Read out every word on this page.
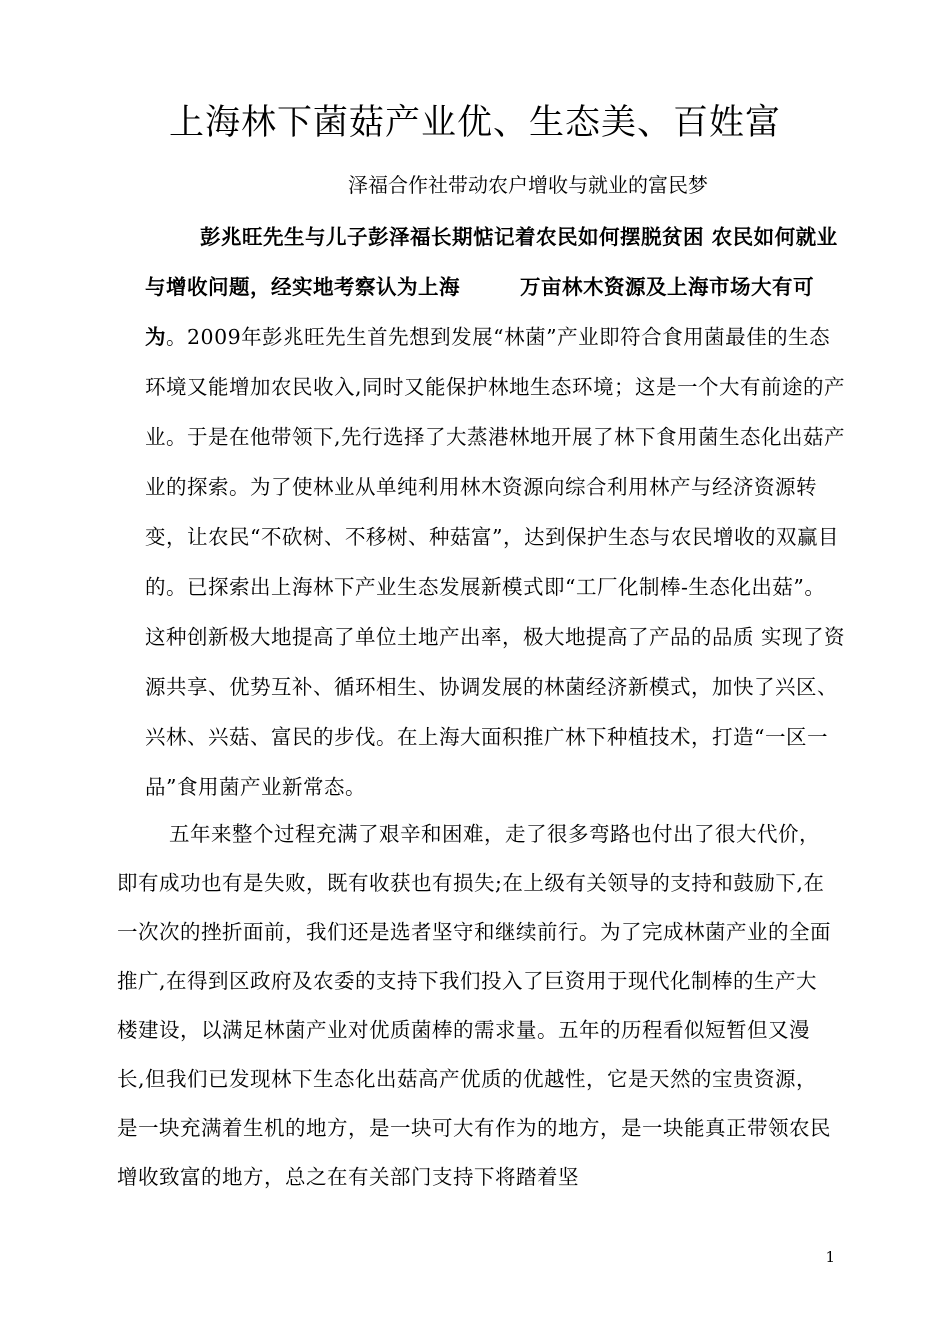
上海林下菌菇产业优、生态美、百姓富

泽福合作社带动农户增收与就业的富民梦

彭兆旺先生与儿子彭泽福长期惦记着农民如何摆脱贫困 农民如何就业与增收问题，经实地考察认为上海	万亩林木资源及上海市场大有可为。2009年彭兆旺先生首先想到发展“林菌”产业即符合食用菌最佳的生态环境又能增加农民收入,同时又能保护林地生态环境；这是一个大有前途的产业。于是在他带领下,先行选择了大蒸港林地开展了林下食用菌生态化出菇产业的探索。为了使林业从单纯利用林木资源向综合利用林产与经济资源转变，让农民“不砍树、不移树、种菇富”，达到保护生态与农民增收的双赢目的。已探索出上海林下产业生态发展新模式即“工厂化制棒-生态化出菇”。这种创新极大地提高了单位土地产出率，极大地提高了产品的品质 实现了资源共享、优势互补、循环相生、协调发展的林菌经济新模式，加快了兴区、兴林、兴菇、富民的步伐。在上海大面积推广林下种植技术，打造“一区一品”食用菌产业新常态。

五年来整个过程充满了艰辛和困难，走了很多弯路也付出了很大代价，即有成功也有是失败，既有收获也有损失;在上级有关领导的支持和鼓励下,在一次次的挫折面前，我们还是选者坚守和继续前行。为了完成林菌产业的全面推广,在得到区政府及农委的支持下我们投入了巨资用于现代化制棒的生产大楼建设，以满足林菌产业对优质菌棒的需求量。五年的历程看似短暂但又漫长,但我们已发现林下生态化出菇高产优质的优越性，它是天然的宝贵资源，是一块充满着生机的地方，是一块可大有作为的地方，是一块能真正带领农民增收致富的地方，总之在有关部门支持下将踏着坚

1
